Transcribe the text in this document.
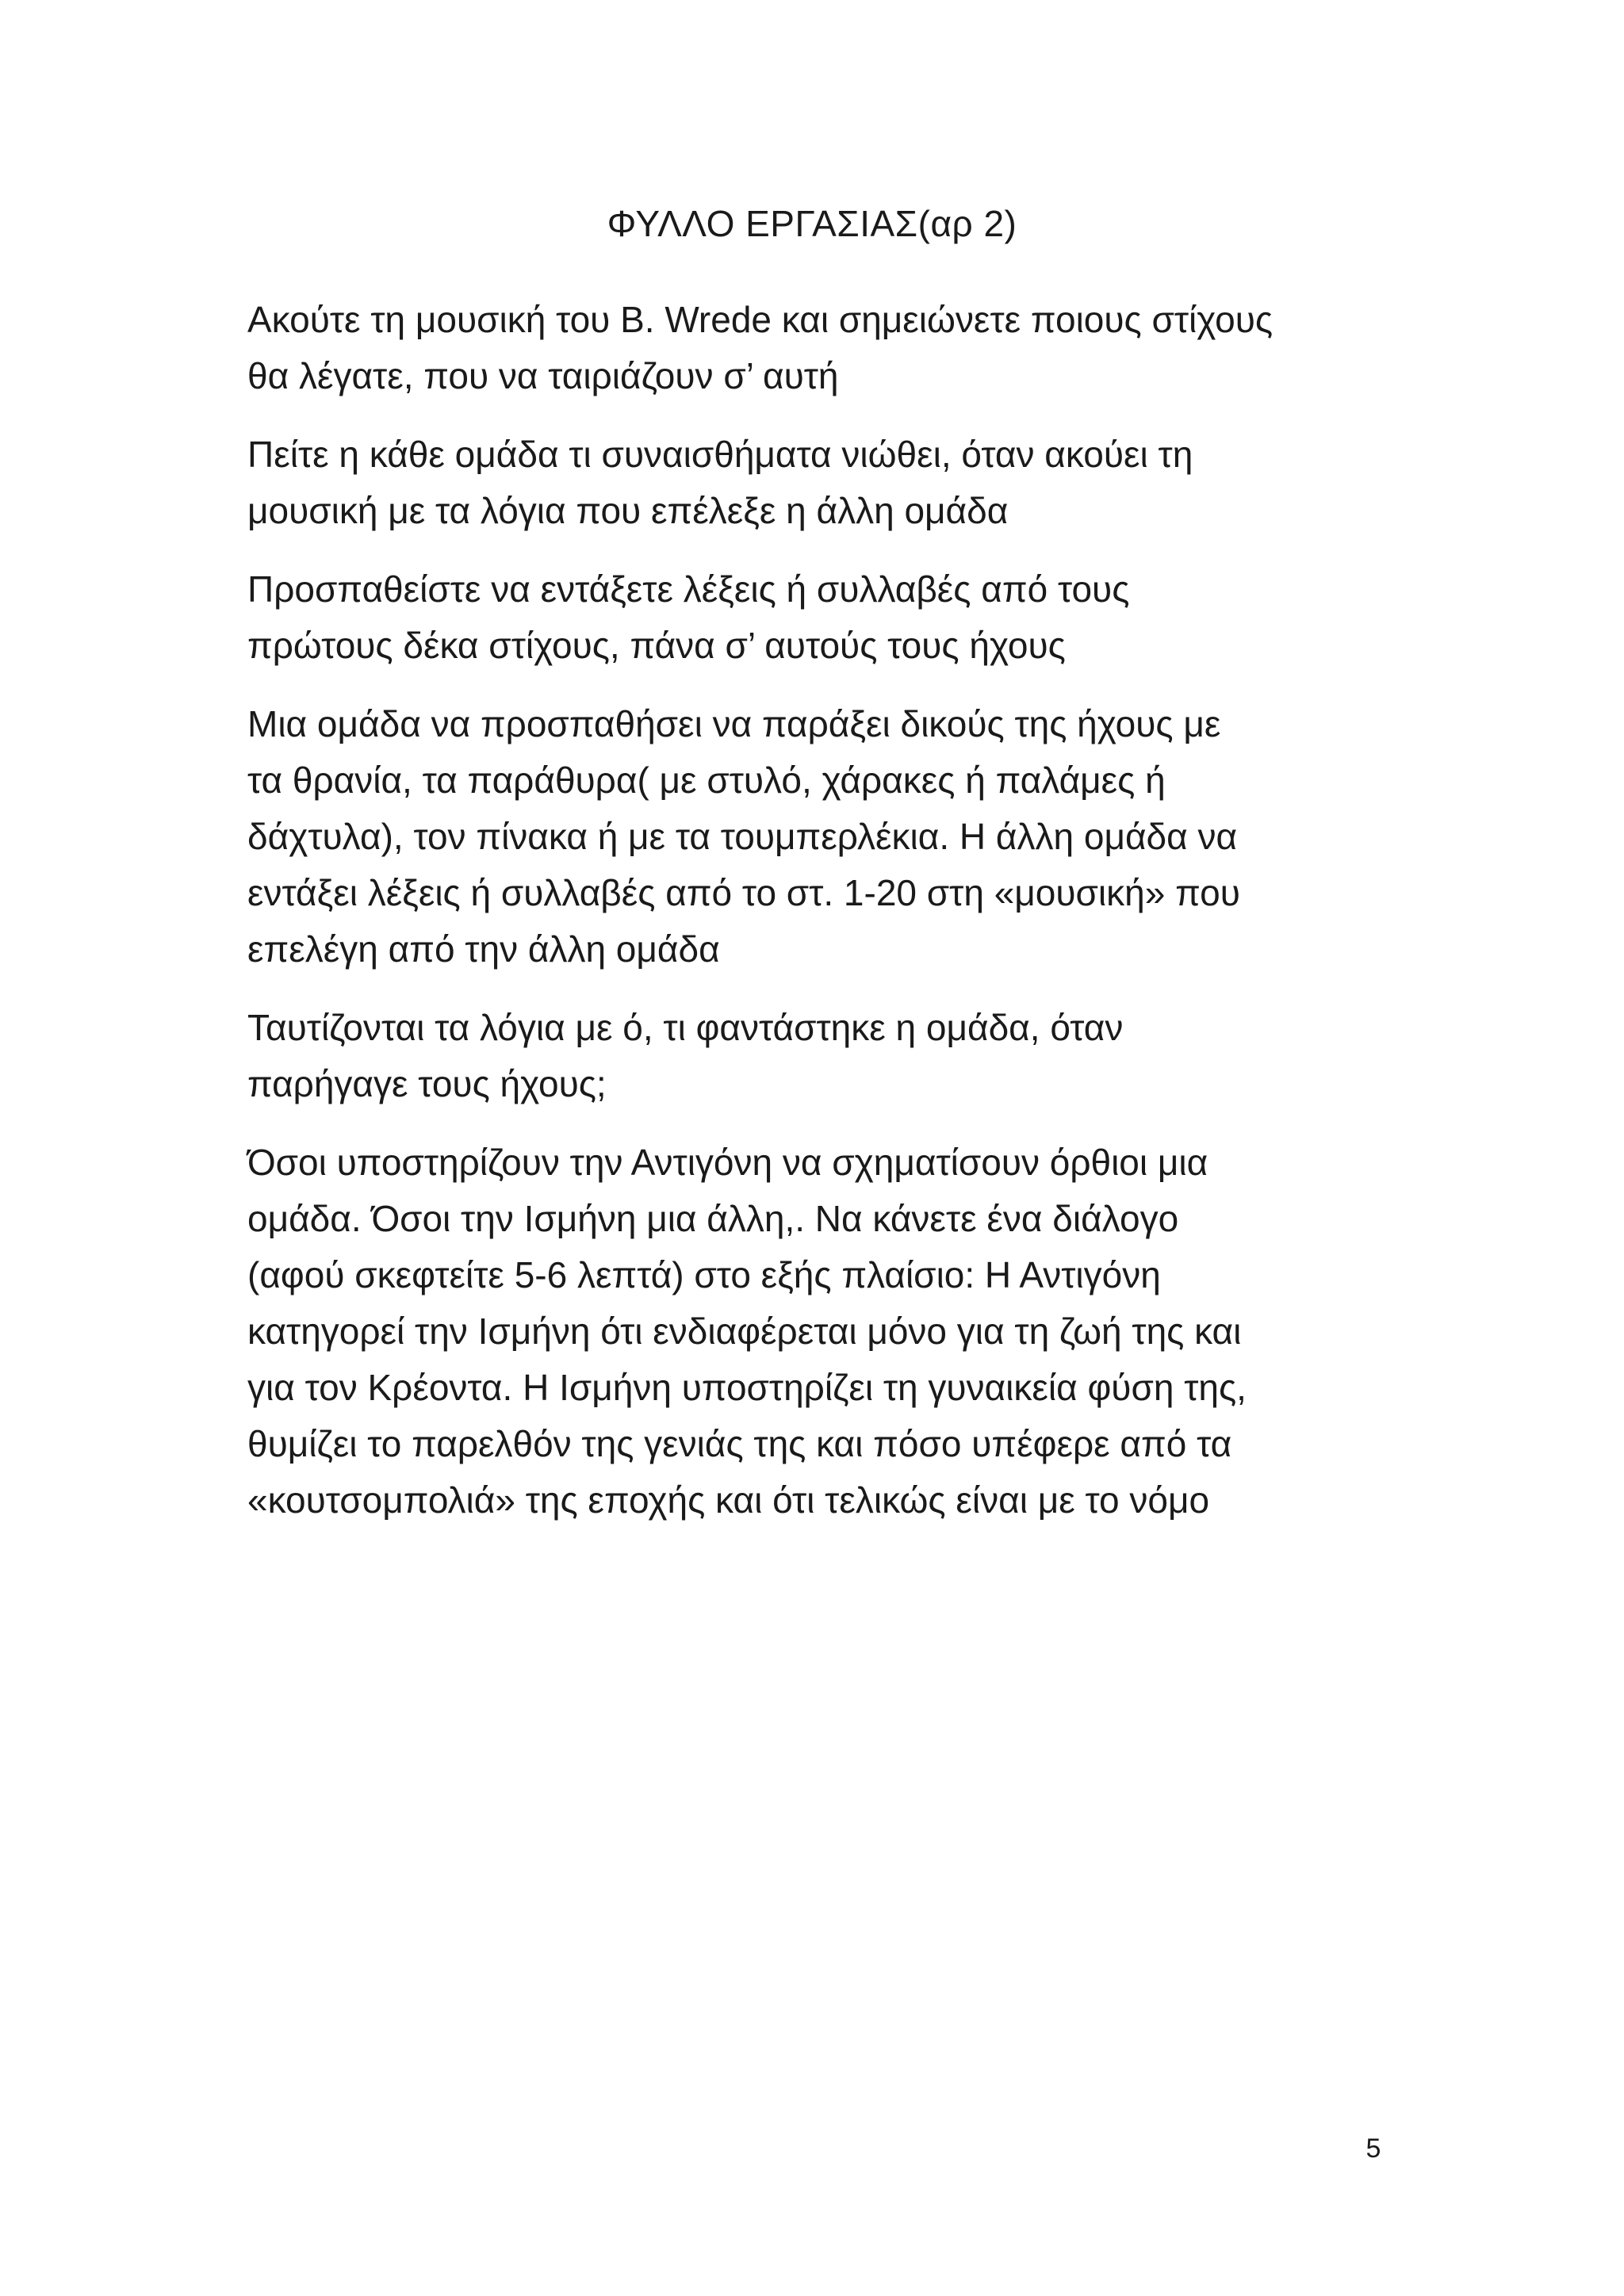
ΦΥΛΛΟ ΕΡΓΑΣΙΑΣ(αρ 2)

Ακούτε τη μουσική του Β. Wrede και σημειώνετε ποιους στίχους
θα λέγατε, που να ταιριάζουν σ’ αυτή

Πείτε η κάθε ομάδα τι συναισθήματα νιώθει, όταν ακούει τη
μουσική με τα λόγια που επέλεξε η άλλη ομάδα

Προσπαθείστε να εντάξετε λέξεις ή συλλαβές από τους
πρώτους δέκα στίχους, πάνα σ’ αυτούς τους ήχους

Μια ομάδα να προσπαθήσει να παράξει δικούς της ήχους με
τα θρανία, τα παράθυρα( με στυλό, χάρακες ή παλάμες ή
δάχτυλα), τον πίνακα ή με τα τουμπερλέκια. Η άλλη ομάδα να
εντάξει λέξεις ή συλλαβές από το στ. 1-20 στη «μουσική» που
επελέγη από την άλλη ομάδα

Ταυτίζονται τα λόγια με ό, τι φαντάστηκε η ομάδα, όταν
παρήγαγε τους ήχους;

Όσοι υποστηρίζουν την Αντιγόνη να σχηματίσουν όρθιοι μια
ομάδα. Όσοι την Ισμήνη μια άλλη,. Να κάνετε ένα διάλογο
(αφού σκεφτείτε 5-6 λεπτά) στο εξής πλαίσιο: Η Αντιγόνη
κατηγορεί την Ισμήνη ότι ενδιαφέρεται μόνο για τη ζωή της και
για τον Κρέοντα. Η Ισμήνη υποστηρίζει τη γυναικεία φύση της,
θυμίζει το παρελθόν της γενιάς της και πόσο υπέφερε από τα
«κουτσομπολιά» της εποχής και ότι τελικώς είναι με το νόμο

5
